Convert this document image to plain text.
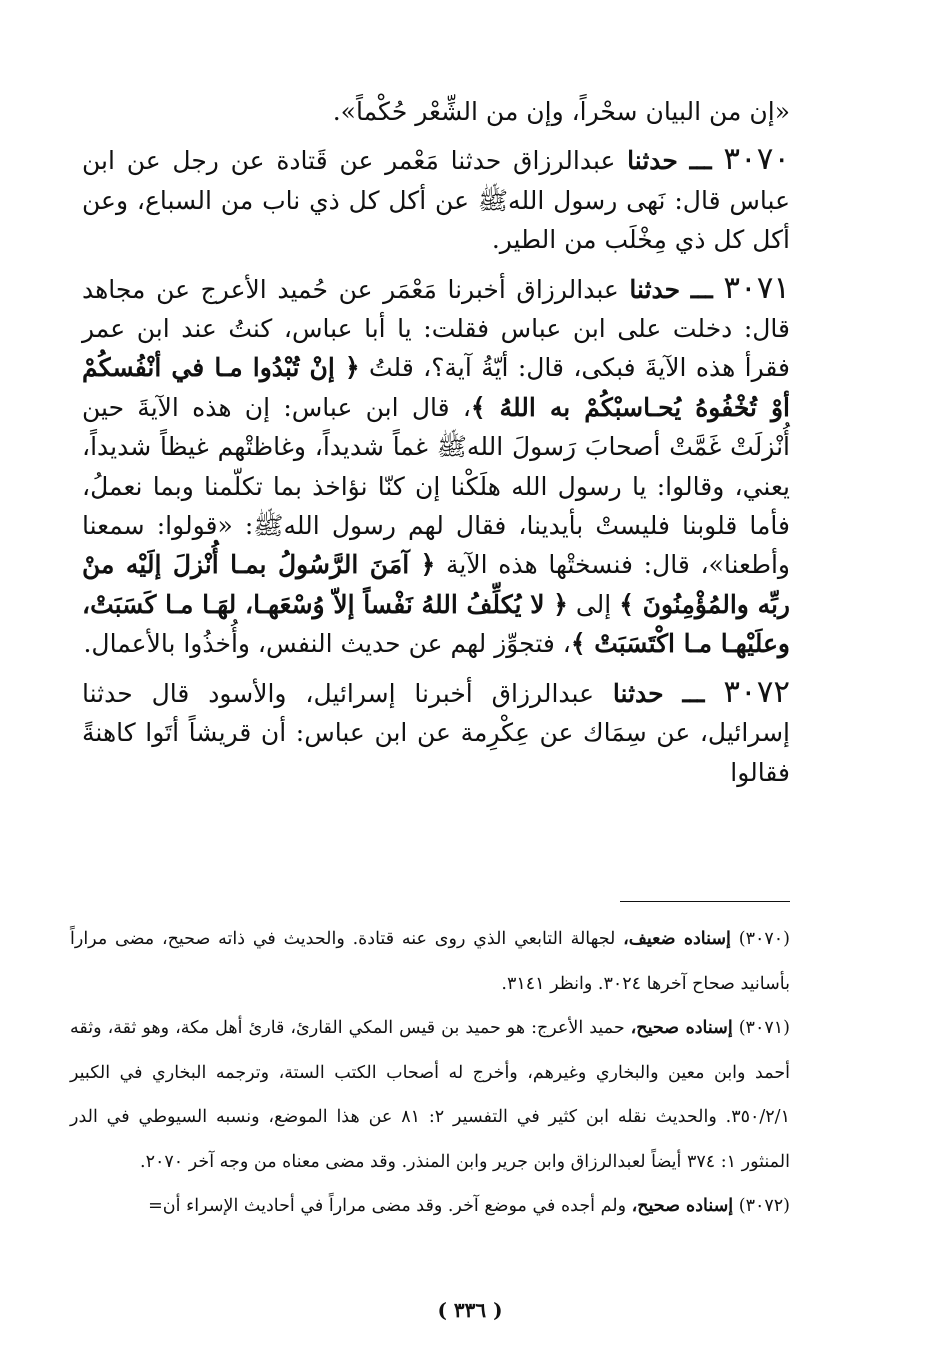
«إن من البيان سحْراً، وإن من الشِّعْر حُكْماً».

٣٠٧٠ ـــ حدثنا عبدالرزاق حدثنا مَعْمر عن قَتادة عن رجل عن ابن عباس قال: نَهى رسول اللهﷺ عن أكل كل ذي ناب من السباع، وعن أكل كل ذي مِخْلَب من الطير.

٣٠٧١ ـــ حدثنا عبدالرزاق أخبرنا مَعْمَر عن حُميد الأعرج عن مجاهد قال: دخلت على ابن عباس فقلت: يا أبا عباس، كنتُ عند ابن عمر فقرأ هذه الآيةَ فبكى، قال: أيّةُ آية؟، قلتُ ﴿ إنْ تُبْدُوا مـا في أنْفُسكُمْ أوْ تُخْفُوهُ يُحـاسبْكُمْ به اللهُ ﴾، قال ابن عباس: إن هذه الآيةَ حين أُنْزلَتْ غَمَّتْ أصحابَ رَسولَ اللهﷺ غماً شديداً، وغاظتْهم غيظاً شديداً، يعني، وقالوا: يا رسول الله هلَكْنا إن كنّا نؤاخذ بما تكلّمنا وبما نعملُ، فأما قلوبنا فليستْ بأيدينا، فقال لهم رسول اللهﷺ: «قولوا: سمعنا وأطعنا»، قال: فنسختْها هذه الآية ﴿ آمَنَ الرَّسُولُ بمـا أُنْزلَ إلَيْه منْ ربِّه والمُؤْمِنُونَ ﴾ إلى ﴿ لا يُكلِّفُ اللهُ نَفْساً إلاّ وُسْعَهـا، لهَـا مـا كَسَبَتْ، وعلَيْهـا مـا اكْتَسَبَتْ ﴾، فتجوِّز لهم عن حديث النفس، وأُخذُوا بالأعمال.

٣٠٧٢ ـــ حدثنا عبدالرزاق أخبرنا إسرائيل، والأسود قال حدثنا إسرائيل، عن سِمَاك عن عِكْرِمة عن ابن عباس: أن قريشاً أتَوا كاهنةً فقالوا

(٣٠٧٠) إسناده ضعيف، لجهالة التابعي الذي روى عنه قتادة. والحديث في ذاته صحيح، مضى مراراً بأسانيد صحاح آخرها ٣٠٢٤. وانظر ٣١٤١.

(٣٠٧١) إسناده صحيح، حميد الأعرج: هو حميد بن قيس المكي القارئ، قارئ أهل مكة، وهو ثقة، وثقه أحمد وابن معين والبخاري وغيرهم، وأخرج له أصحاب الكتب الستة، وترجمه البخاري في الكبير ٣٥٠/٢/١. والحديث نقله ابن كثير في التفسير ٢: ٨١ عن هذا الموضع، ونسبه السيوطي في الدر المنثور ١: ٣٧٤ أيضاً لعبدالرزاق وابن جرير وابن المنذر. وقد مضى معناه من وجه آخر ٢٠٧٠.

(٣٠٧٢) إسناده صحيح، ولم أجده في موضع آخر. وقد مضى مراراً في أحاديث الإسراء أن=

( ٣٣٦ )
